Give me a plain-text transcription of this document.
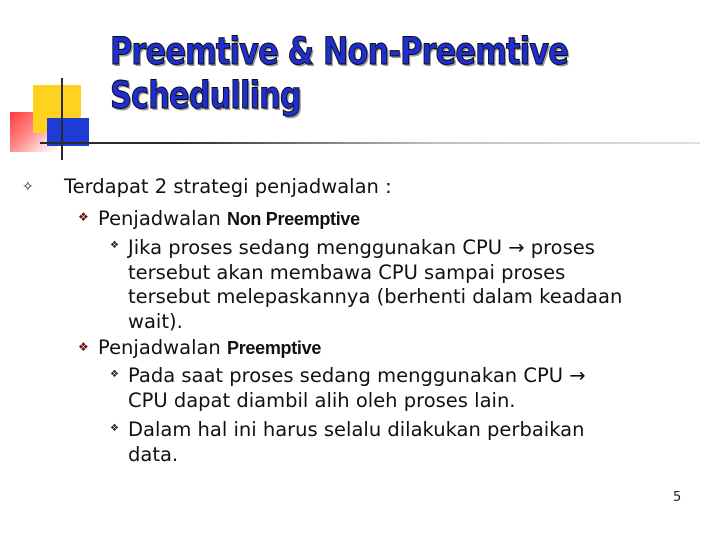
Preemtive & Non-Preemtive
Schedulling
✧ Terdapat 2 strategi penjadwalan :
❖ Penjadwalan Non Preemptive
❖ Jika proses sedang menggunakan CPU → proses
tersebut akan membawa CPU sampai proses
tersebut melepaskannya (berhenti dalam keadaan
wait).
❖ Penjadwalan Preemptive
❖ Pada saat proses sedang menggunakan CPU →
CPU dapat diambil alih oleh proses lain.
❖ Dalam hal ini harus selalu dilakukan perbaikan
data.
5
